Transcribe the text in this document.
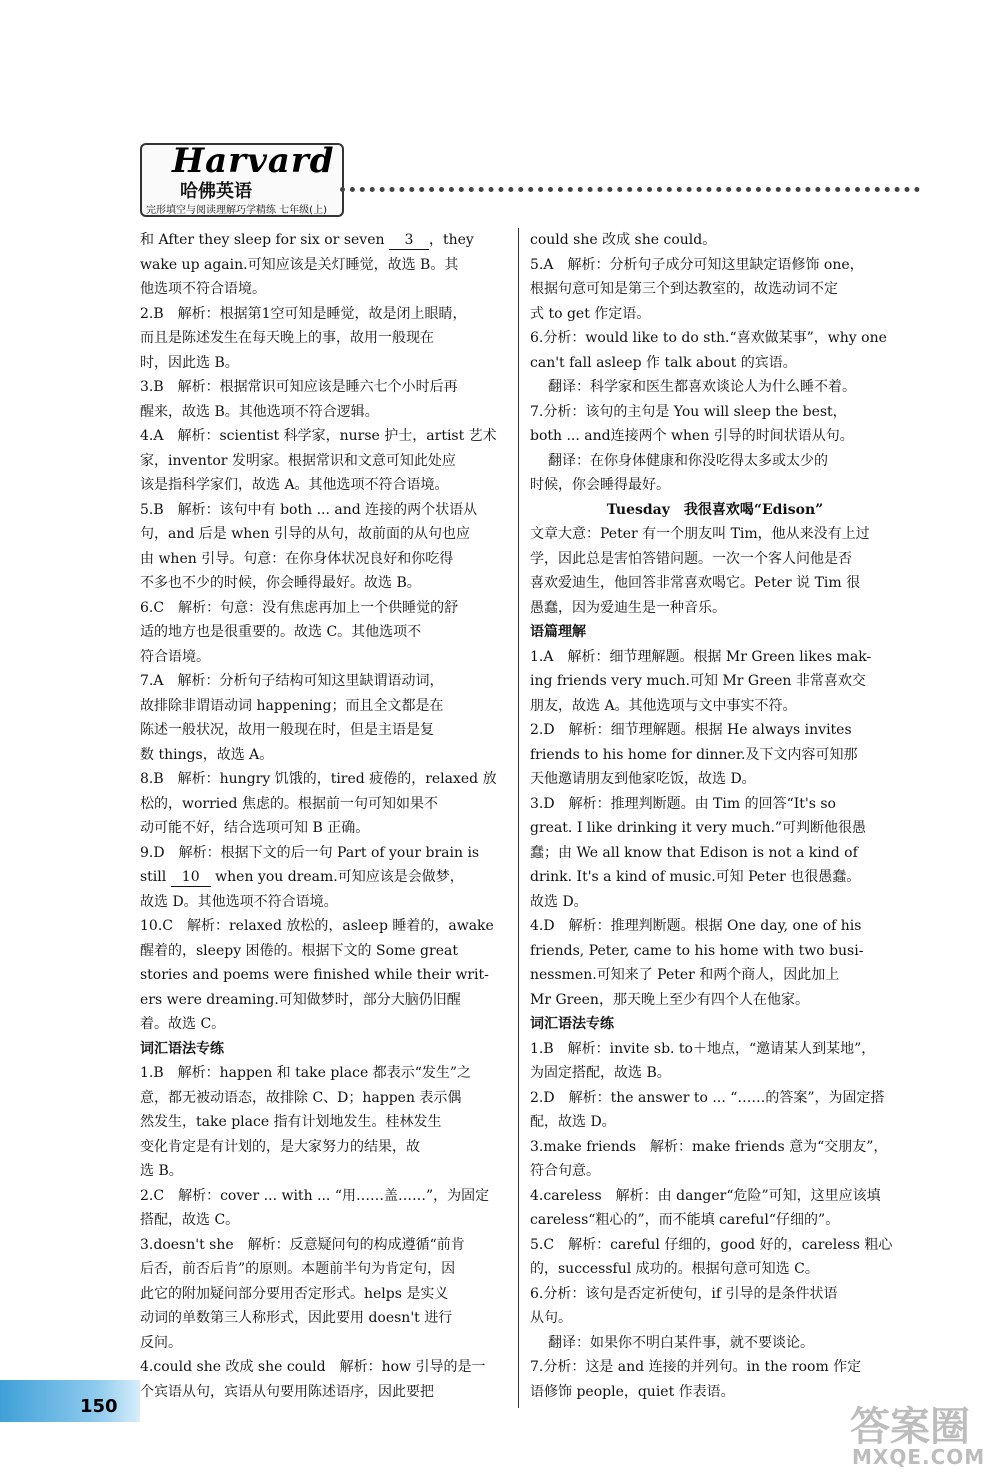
Harvard
哈佛英语
完形填空与阅读理解巧学精练 七年级(上)

和 After they sleep for six or seven 3 ，they

wake up again.可知应该是关灯睡觉，故选 B。其

他选项不符合语境。

2.B　解析：根据第1空可知是睡觉，故是闭上眼睛，

而且是陈述发生在每天晚上的事，故用一般现在

时，因此选 B。

3.B　解析：根据常识可知应该是睡六七个小时后再

醒来，故选 B。其他选项不符合逻辑。

4.A　解析：scientist 科学家，nurse 护士，artist 艺术

家，inventor 发明家。根据常识和文意可知此处应

该是指科学家们，故选 A。其他选项不符合语境。

5.B　解析：该句中有 both ... and 连接的两个状语从

句，and 后是 when 引导的从句，故前面的从句也应

由 when 引导。句意：在你身体状况良好和你吃得

不多也不少的时候，你会睡得最好。故选 B。

6.C　解析：句意：没有焦虑再加上一个供睡觉的舒

适的地方也是很重要的。故选 C。其他选项不

符合语境。

7.A　解析：分析句子结构可知这里缺谓语动词，

故排除非谓语动词 happening；而且全文都是在

陈述一般状况，故用一般现在时，但是主语是复

数 things，故选 A。

8.B　解析：hungry 饥饿的，tired 疲倦的，relaxed 放

松的，worried 焦虑的。根据前一句可知如果不

动可能不好，结合选项可知 B 正确。

9.D　解析：根据下文的后一句 Part of your brain is

still 10 when you dream.可知应该是会做梦，

故选 D。其他选项不符合语境。

10.C　解析：relaxed 放松的，asleep 睡着的，awake

醒着的，sleepy 困倦的。根据下文的 Some great

stories and poems were finished while their writ-

ers were dreaming.可知做梦时，部分大脑仍旧醒

着。故选 C。

词汇语法专练

1.B　解析：happen 和 take place 都表示“发生”之

意，都无被动语态，故排除 C、D；happen 表示偶

然发生，take place 指有计划地发生。桂林发生

变化肯定是有计划的，是大家努力的结果，故

选 B。

2.C　解析：cover ... with ... “用……盖……”，为固定

搭配，故选 C。

3.doesn't she　解析：反意疑问句的构成遵循“前肯

后否，前否后肯”的原则。本题前半句为肯定句，因

此它的附加疑问部分要用否定形式。helps 是实义

动词的单数第三人称形式，因此要用 doesn't 进行

反问。

4.could she 改成 she could　解析：how 引导的是一

个宾语从句，宾语从句要用陈述语序，因此要把

could she 改成 she could。

5.A　解析：分析句子成分可知这里缺定语修饰 one，

根据句意可知是第三个到达教室的，故选动词不定

式 to get 作定语。

6.分析：would like to do sth.“喜欢做某事”，why one

can't fall asleep 作 talk about 的宾语。

翻译：科学家和医生都喜欢谈论人为什么睡不着。

7.分析：该句的主句是 You will sleep the best，

both ... and连接两个 when 引导的时间状语从句。

翻译：在你身体健康和你没吃得太多或太少的

时候，你会睡得最好。

Tuesday　我很喜欢喝“Edison”

文章大意：Peter 有一个朋友叫 Tim，他从来没有上过

学，因此总是害怕答错问题。一次一个客人问他是否

喜欢爱迪生，他回答非常喜欢喝它。Peter 说 Tim 很

愚蠢，因为爱迪生是一种音乐。

语篇理解

1.A　解析：细节理解题。根据 Mr Green likes mak-

ing friends very much.可知 Mr Green 非常喜欢交

朋友，故选 A。其他选项与文中事实不符。

2.D　解析：细节理解题。根据 He always invites

friends to his home for dinner.及下文内容可知那

天他邀请朋友到他家吃饭，故选 D。

3.D　解析：推理判断题。由 Tim 的回答“It's so

great. I like drinking it very much.”可判断他很愚

蠢；由 We all know that Edison is not a kind of

drink. It's a kind of music.可知 Peter 也很愚蠢。

故选 D。

4.D　解析：推理判断题。根据 One day, one of his

friends, Peter, came to his home with two busi-

nessmen.可知来了 Peter 和两个商人，因此加上

Mr Green，那天晚上至少有四个人在他家。

词汇语法专练

1.B　解析：invite sb. to＋地点，“邀请某人到某地”，

为固定搭配，故选 B。

2.D　解析：the answer to ... “……的答案”，为固定搭

配，故选 D。

3.make friends　解析：make friends 意为“交朋友”，

符合句意。

4.careless　解析：由 danger“危险”可知，这里应该填

careless“粗心的”，而不能填 careful“仔细的”。

5.C　解析：careful 仔细的，good 好的，careless 粗心

的，successful 成功的。根据句意可知选 C。

6.分析：该句是否定祈使句，if 引导的是条件状语

从句。

翻译：如果你不明白某件事，就不要谈论。

7.分析：这是 and 连接的并列句。in the room 作定

语修饰 people，quiet 作表语。

150	答案圈
MXQE.COM
